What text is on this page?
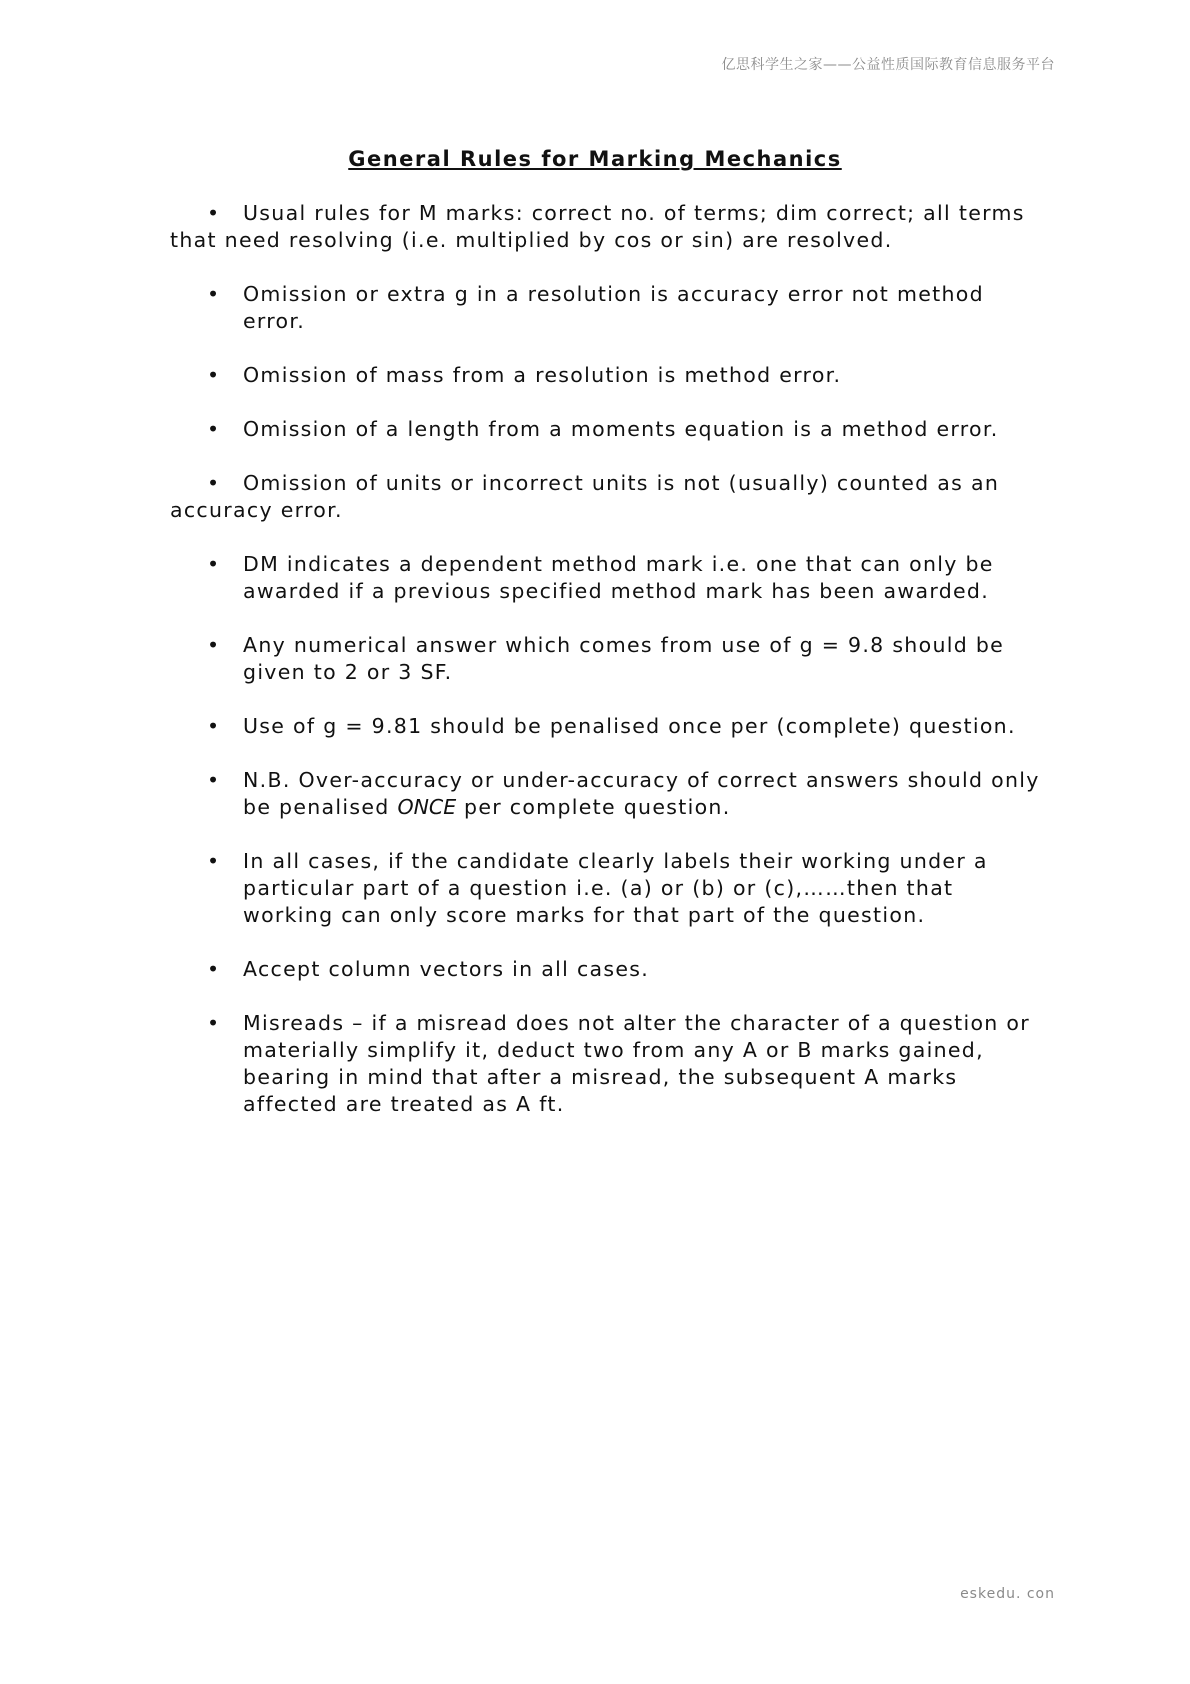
亿思科学生之家——公益性质国际教育信息服务平台
General Rules for Marking Mechanics
• Usual rules for M marks: correct no. of terms; dim correct; all terms that need resolving (i.e. multiplied by cos or sin) are resolved.
• Omission or extra g in a resolution is accuracy error not method error.
• Omission of mass from a resolution is method error.
• Omission of a length from a moments equation is a method error.
• Omission of units or incorrect units is not (usually) counted as an accuracy error.
• DM indicates a dependent method mark i.e. one that can only be awarded if a previous specified method mark has been awarded.
• Any numerical answer which comes from use of g = 9.8 should be given to 2 or 3 SF.
• Use of g = 9.81 should be penalised once per (complete) question.
• N.B. Over-accuracy or under-accuracy of correct answers should only be penalised ONCE per complete question.
• In all cases, if the candidate clearly labels their working under a particular part of a question i.e. (a) or (b) or (c),……then that working can only score marks for that part of the question.
• Accept column vectors in all cases.
• Misreads – if a misread does not alter the character of a question or materially simplify it, deduct two from any A or B marks gained, bearing in mind that after a misread, the subsequent A marks affected are treated as A ft.
eskedu. con
